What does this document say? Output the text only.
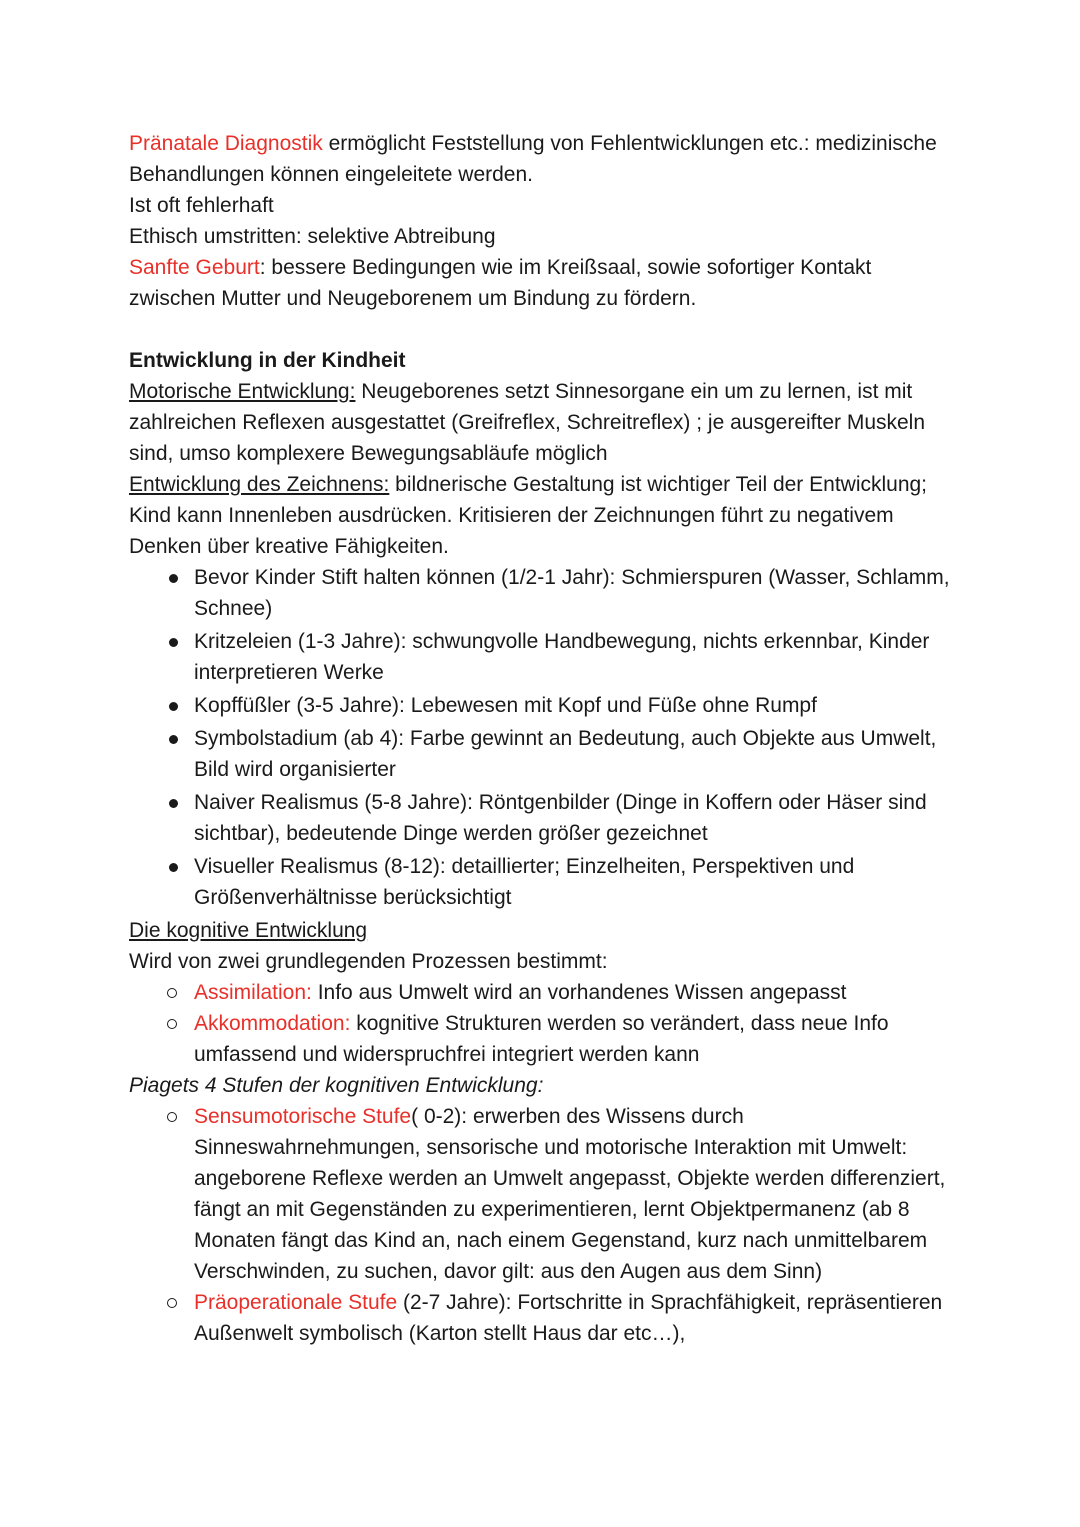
Pränatale Diagnostik ermöglicht Feststellung von Fehlentwicklungen etc.: medizinische Behandlungen können eingeleitete werden.

Ist oft fehlerhaft

Ethisch umstritten: selektive Abtreibung

Sanfte Geburt: bessere Bedingungen wie im Kreißsaal, sowie sofortiger Kontakt zwischen Mutter und Neugeborenem um Bindung zu fördern.

Entwicklung in der Kindheit

Motorische Entwicklung: Neugeborenes setzt Sinnesorgane ein um zu lernen, ist mit zahlreichen Reflexen ausgestattet (Greifreflex, Schreitreflex) ; je ausgereifter Muskeln sind, umso komplexere Bewegungsabläufe möglich

Entwicklung des Zeichnens: bildnerische Gestaltung ist wichtiger Teil der Entwicklung; Kind kann Innenleben ausdrücken. Kritisieren der Zeichnungen führt zu negativem Denken über kreative Fähigkeiten.

Bevor Kinder Stift halten können (1/2-1 Jahr): Schmierspuren (Wasser, Schlamm, Schnee)
Kritzeleien (1-3 Jahre): schwungvolle Handbewegung, nichts erkennbar, Kinder interpretieren Werke
Kopffüßler (3-5 Jahre): Lebewesen mit Kopf und Füße ohne Rumpf
Symbolstadium (ab 4): Farbe gewinnt an Bedeutung, auch Objekte aus Umwelt, Bild wird organisierter
Naiver Realismus (5-8 Jahre): Röntgenbilder (Dinge in Koffern oder Häser sind sichtbar), bedeutende Dinge werden größer gezeichnet
Visueller Realismus (8-12): detaillierter; Einzelheiten, Perspektiven und Größenverhältnisse berücksichtigt

Die kognitive Entwicklung

Wird von zwei grundlegenden Prozessen bestimmt:

Assimilation: Info aus Umwelt wird an vorhandenes Wissen angepasst
Akkommodation: kognitive Strukturen werden so verändert, dass neue Info umfassend und widerspruchfrei integriert werden kann

Piagets 4 Stufen der kognitiven Entwicklung:

Sensumotorische Stufe( 0-2): erwerben des Wissens durch Sinneswahrnehmungen, sensorische und motorische Interaktion mit Umwelt: angeborene Reflexe werden an Umwelt angepasst, Objekte werden differenziert, fängt an mit Gegenständen zu experimentieren, lernt Objektpermanenz (ab 8 Monaten fängt das Kind an, nach einem Gegenstand, kurz nach unmittelbarem Verschwinden, zu suchen, davor gilt: aus den Augen aus dem Sinn)
Präoperationale Stufe (2-7 Jahre): Fortschritte in Sprachfähigkeit, repräsentieren Außenwelt symbolisch (Karton stellt Haus dar etc…),
